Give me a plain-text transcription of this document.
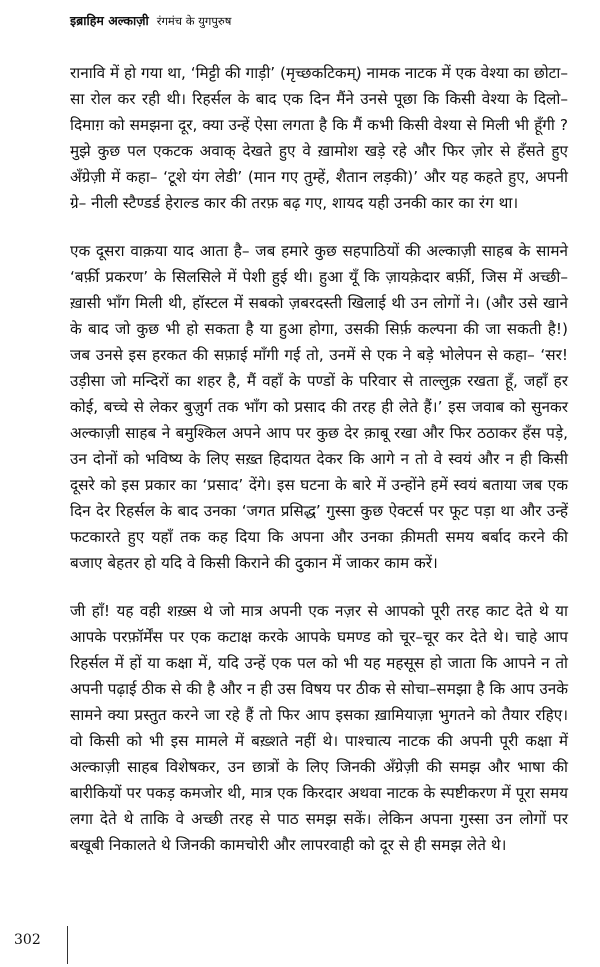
इब्राहिम अल्काज़ी रंगमंच के युगपुरुष

रानावि में हो गया था, ‘मिट्टी की गाड़ी’ (मृच्छकटिकम्) नामक नाटक में एक वेश्या का छोटा–सा रोल कर रही थी। रिहर्सल के बाद एक दिन मैंने उनसे पूछा कि किसी वेश्या के दिलो–दिमाग़ को समझना दूर, क्या उन्हें ऐसा लगता है कि मैं कभी किसी वेश्या से मिली भी हूँगी ? मुझे कुछ पल एकटक अवाक् देखते हुए वे ख़ामोश खड़े रहे और फिर ज़ोर से हँसते हुए अँग्रेज़ी में कहा– ‘टूशे यंग लेडी’ (मान गए तुम्हें, शैतान लड़की)’ और यह कहते हुए, अपनी ग्रे– नीली स्टैण्डर्ड हेराल्ड कार की तरफ़ बढ़ गए, शायद यही उनकी कार का रंग था।

एक दूसरा वाक़या याद आता है– जब हमारे कुछ सहपाठियों की अल्काज़ी साहब के सामने ‘बर्फ़ी प्रकरण’ के सिलसिले में पेशी हुई थी। हुआ यूँ कि ज़ायक़ेदार बर्फ़ी, जिस में अच्छी–ख़ासी भाँग मिली थी, हॉस्टल में सबको ज़बरदस्ती खिलाई थी उन लोगों ने। (और उसे खाने के बाद जो कुछ भी हो सकता है या हुआ होगा, उसकी सिर्फ़ कल्पना की जा सकती है!) जब उनसे इस हरकत की सफ़ाई माँगी गई तो, उनमें से एक ने बड़े भोलेपन से कहा– ‘सर! उड़ीसा जो मन्दिरों का शहर है, मैं वहाँ के पण्डों के परिवार से ताल्लुक़ रखता हूँ, जहाँ हर कोई, बच्चे से लेकर बुज़ुर्ग तक भाँग को प्रसाद की तरह ही लेते हैं।’ इस जवाब को सुनकर अल्काज़ी साहब ने बमुश्किल अपने आप पर कुछ देर क़ाबू रखा और फिर ठठाकर हँस पड़े, उन दोनों को भविष्य के लिए सख़्त हिदायत देकर कि आगे न तो वे स्वयं और न ही किसी दूसरे को इस प्रकार का ‘प्रसाद’ देंगे। इस घटना के बारे में उन्होंने हमें स्वयं बताया जब एक दिन देर रिहर्सल के बाद उनका ‘जगत प्रसिद्ध’ गुस्सा कुछ ऐक्टर्स पर फूट पड़ा था और उन्हें फटकारते हुए यहाँ तक कह दिया कि अपना और उनका क़ीमती समय बर्बाद करने की बजाए बेहतर हो यदि वे किसी किराने की दुकान में जाकर काम करें।

जी हाँ! यह वही शख़्स थे जो मात्र अपनी एक नज़र से आपको पूरी तरह काट देते थे या आपके परफ़ॉर्मेंस पर एक कटाक्ष करके आपके घमण्ड को चूर–चूर कर देते थे। चाहे आप रिहर्सल में हों या कक्षा में, यदि उन्हें एक पल को भी यह महसूस हो जाता कि आपने न तो अपनी पढ़ाई ठीक से की है और न ही उस विषय पर ठीक से सोचा–समझा है कि आप उनके सामने क्या प्रस्तुत करने जा रहे हैं तो फिर आप इसका ख़ामियाज़ा भुगतने को तैयार रहिए। वो किसी को भी इस मामले में बख़्शते नहीं थे। पाश्चात्य नाटक की अपनी पूरी कक्षा में अल्काज़ी साहब विशेषकर, उन छात्रों के लिए जिनकी अँग्रेज़ी की समझ और भाषा की बारीकियों पर पकड़ कमजोर थी, मात्र एक किरदार अथवा नाटक के स्पष्टीकरण में पूरा समय लगा देते थे ताकि वे अच्छी तरह से पाठ समझ सकें। लेकिन अपना गुस्सा उन लोगों पर बखूबी निकालते थे जिनकी कामचोरी और लापरवाही को दूर से ही समझ लेते थे।

302
